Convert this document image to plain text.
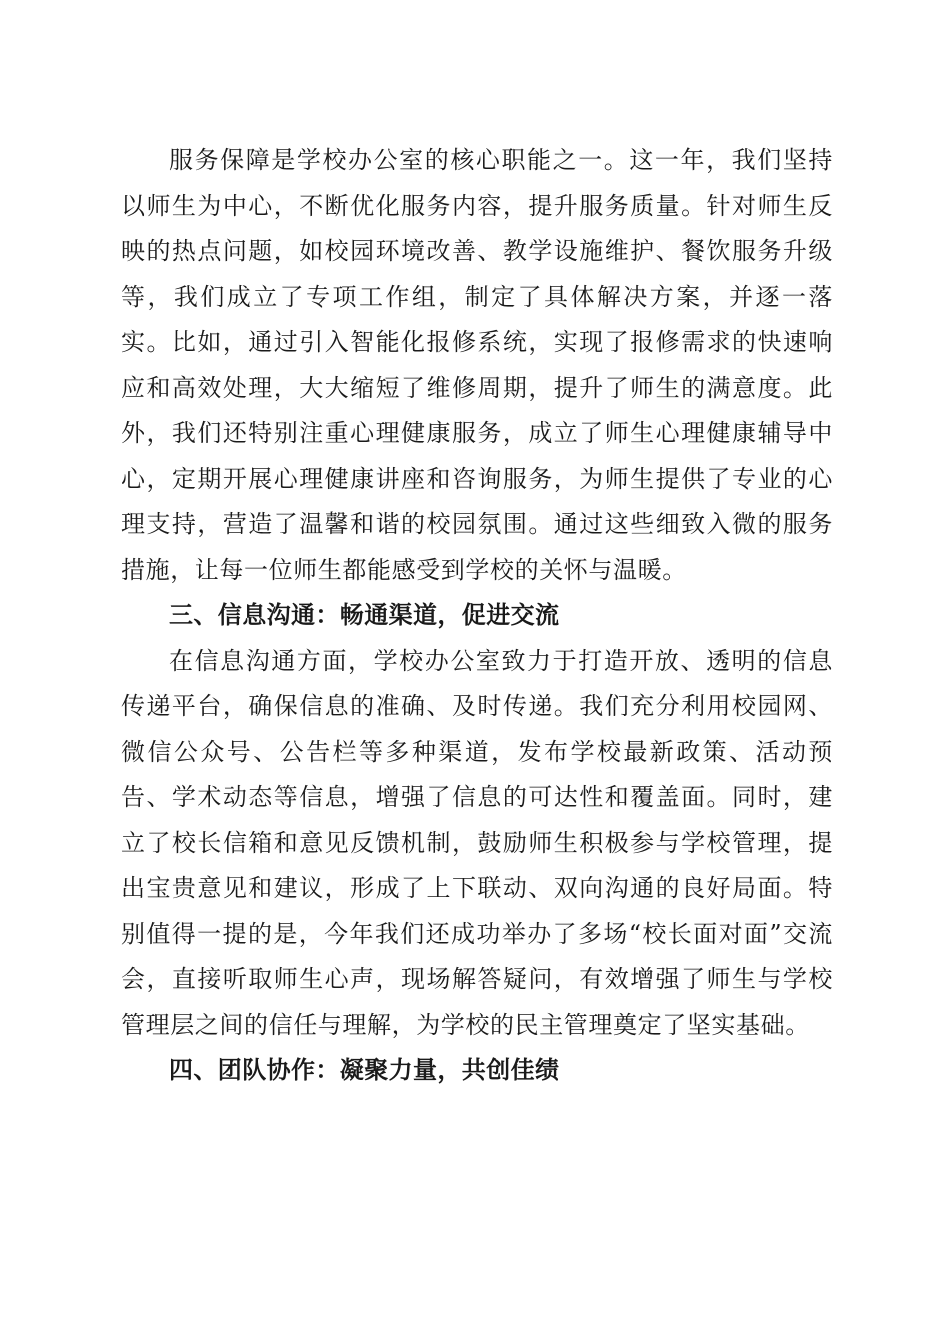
服务保障是学校办公室的核心职能之一。这一年，我们坚持以师生为中心，不断优化服务内容，提升服务质量。针对师生反映的热点问题，如校园环境改善、教学设施维护、餐饮服务升级等，我们成立了专项工作组，制定了具体解决方案，并逐一落实。比如，通过引入智能化报修系统，实现了报修需求的快速响应和高效处理，大大缩短了维修周期，提升了师生的满意度。此外，我们还特别注重心理健康服务，成立了师生心理健康辅导中心，定期开展心理健康讲座和咨询服务，为师生提供了专业的心理支持，营造了温馨和谐的校园氛围。通过这些细致入微的服务措施，让每一位师生都能感受到学校的关怀与温暖。

三、信息沟通：畅通渠道，促进交流

在信息沟通方面，学校办公室致力于打造开放、透明的信息传递平台，确保信息的准确、及时传递。我们充分利用校园网、微信公众号、公告栏等多种渠道，发布学校最新政策、活动预告、学术动态等信息，增强了信息的可达性和覆盖面。同时，建立了校长信箱和意见反馈机制，鼓励师生积极参与学校管理，提出宝贵意见和建议，形成了上下联动、双向沟通的良好局面。特别值得一提的是，今年我们还成功举办了多场“校长面对面”交流会，直接听取师生心声，现场解答疑问，有效增强了师生与学校管理层之间的信任与理解，为学校的民主管理奠定了坚实基础。

四、团队协作：凝聚力量，共创佳绩
